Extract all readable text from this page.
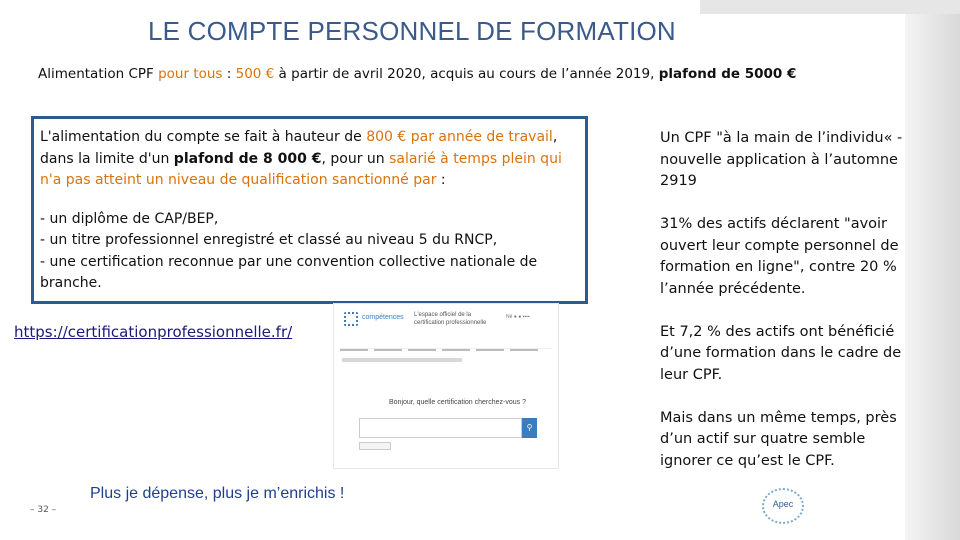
LE COMPTE PERSONNEL DE FORMATION
Alimentation CPF pour tous : 500 € à partir de avril 2020, acquis au cours de l’année 2019, plafond de 5000 €
L'alimentation du compte se fait à hauteur de 800 € par année de travail, dans la limite d'un plafond de 8 000 €, pour un salarié à temps plein qui n'a pas atteint un niveau de qualification sanctionné par :
- un diplôme de CAP/BEP,
- un titre professionnel enregistré et classé au niveau 5 du RNCP,
- une certification reconnue par une convention collective nationale de
branche.

Un CPF "à la main de l’individu« - nouvelle application à l’automne 2919

31% des actifs déclarent "avoir ouvert leur compte personnel de formation en ligne", contre 20 % l’année précédente.

Et 7,2 % des actifs ont bénéficié d’une formation dans le cadre de leur CPF.

Mais dans un même temps, près d’un actif sur quatre semble ignorer ce qu’est le CPF.

https://certificationprofessionnelle.fr/
compétences L'espace officiel de la
certification professionnelle
Né ● ● ▪▪▪▪
Bonjour, quelle certification cherchez-vous ?
⚲
Plus je dépense, plus je m’enrichis !
– 32 –
Apec
